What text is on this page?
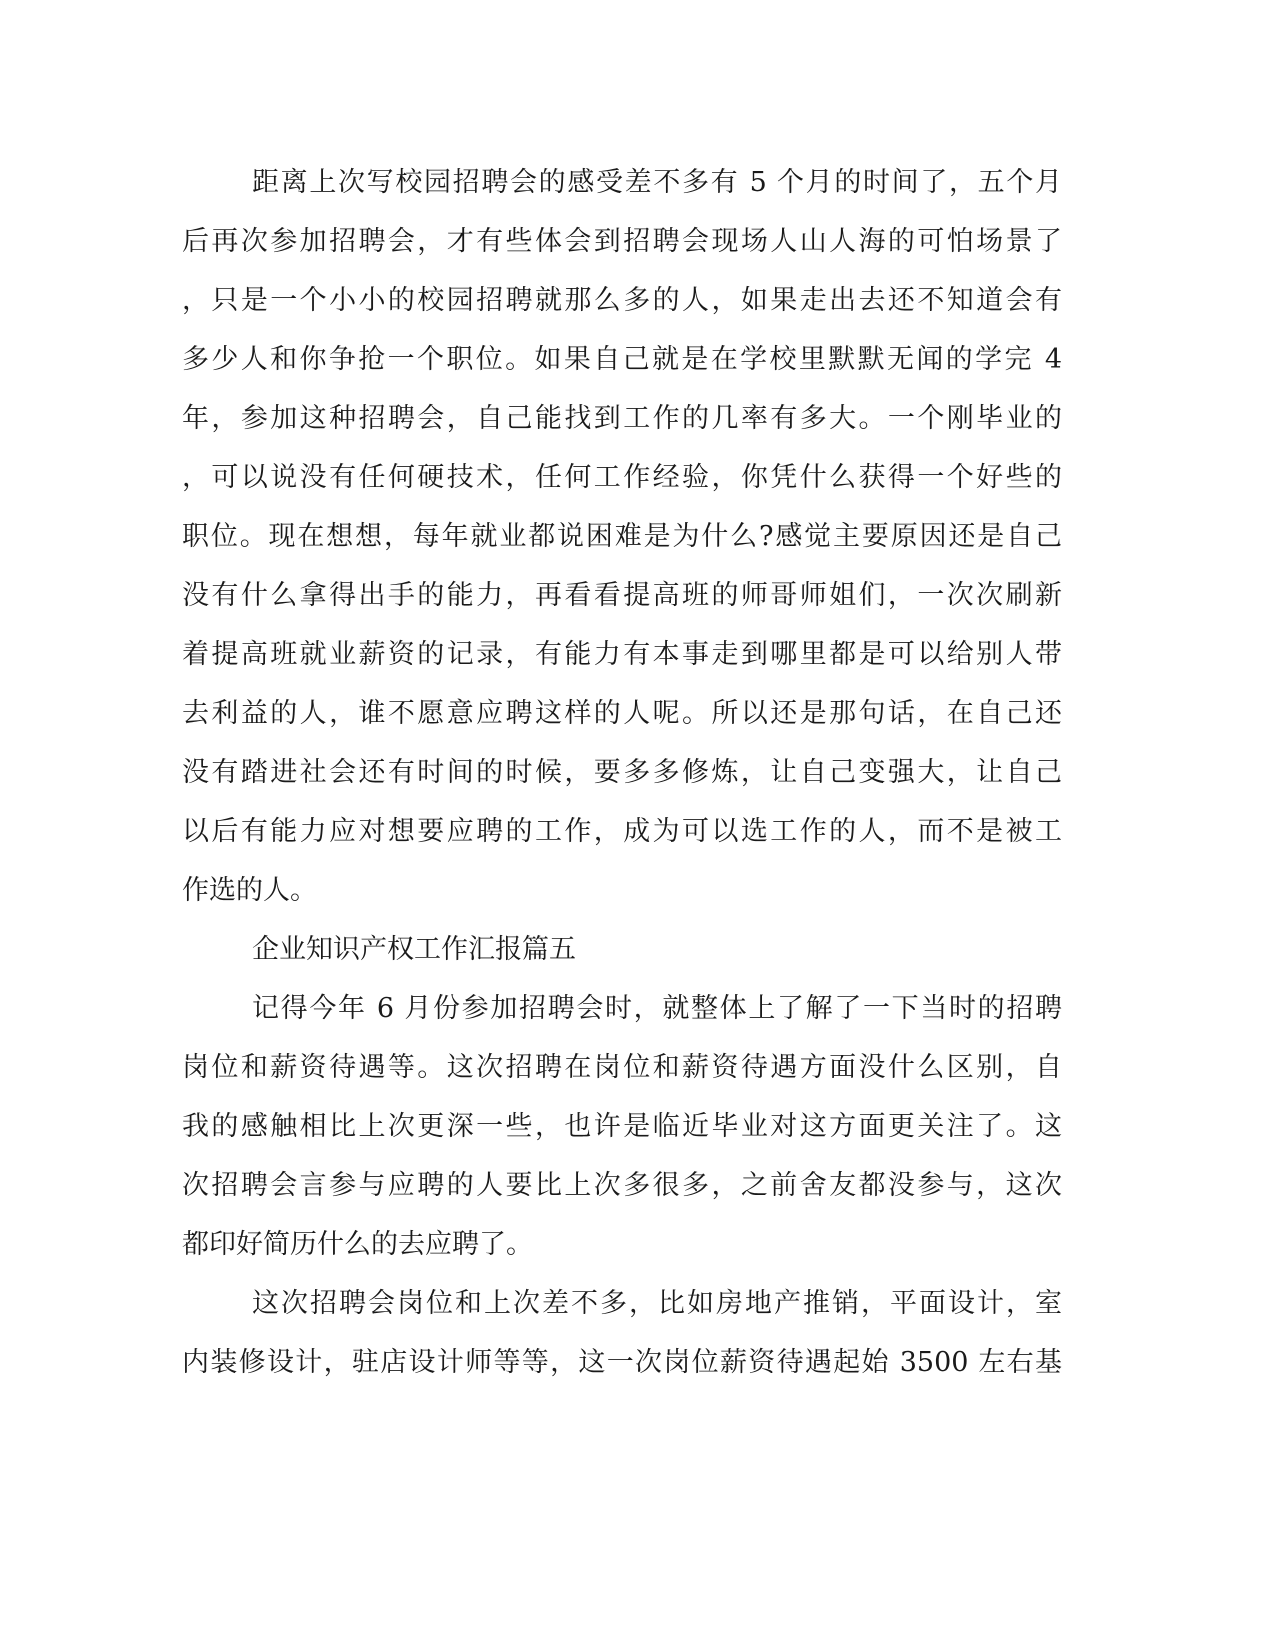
距离上次写校园招聘会的感受差不多有 5 个月的时间了，五个月
后再次参加招聘会，才有些体会到招聘会现场人山人海的可怕场景了
，只是一个小小的校园招聘就那么多的人，如果走出去还不知道会有
多少人和你争抢一个职位。如果自己就是在学校里默默无闻的学完 4
年，参加这种招聘会，自己能找到工作的几率有多大。一个刚毕业的
，可以说没有任何硬技术，任何工作经验，你凭什么获得一个好些的
职位。现在想想，每年就业都说困难是为什么?感觉主要原因还是自己
没有什么拿得出手的能力，再看看提高班的师哥师姐们，一次次刷新
着提高班就业薪资的记录，有能力有本事走到哪里都是可以给别人带
去利益的人，谁不愿意应聘这样的人呢。所以还是那句话，在自己还
没有踏进社会还有时间的时候，要多多修炼，让自己变强大，让自己
以后有能力应对想要应聘的工作，成为可以选工作的人，而不是被工
作选的人。
企业知识产权工作汇报篇五
记得今年 6 月份参加招聘会时，就整体上了解了一下当时的招聘
岗位和薪资待遇等。这次招聘在岗位和薪资待遇方面没什么区别，自
我的感触相比上次更深一些，也许是临近毕业对这方面更关注了。这
次招聘会言参与应聘的人要比上次多很多，之前舍友都没参与，这次
都印好简历什么的去应聘了。
这次招聘会岗位和上次差不多，比如房地产推销，平面设计，室
内装修设计，驻店设计师等等，这一次岗位薪资待遇起始 3500 左右基
